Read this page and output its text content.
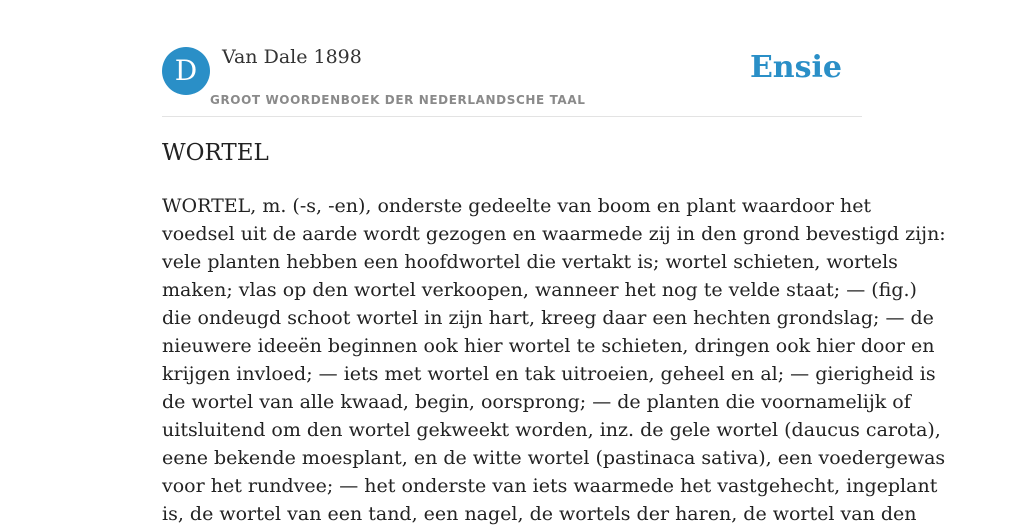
D	Van Dale 1898
GROOT WOORDENBOEK DER NEDERLANDSCHE TAAL
Ensie
WORTEL
WORTEL, m. (-s, -en), onderste gedeelte van boom en plant waardoor het
voedsel uit de aarde wordt gezogen en waarmede zij in den grond bevestigd zijn:
vele planten hebben een hoofdwortel die vertakt is; wortel schieten, wortels
maken; vlas op den wortel verkoopen, wanneer het nog te velde staat; — (fig.)
die ondeugd schoot wortel in zijn hart, kreeg daar een hechten grondslag; — de
nieuwere ideeën beginnen ook hier wortel te schieten, dringen ook hier door en
krijgen invloed; — iets met wortel en tak uitroeien, geheel en al; — gierigheid is
de wortel van alle kwaad, begin, oorsprong; — de planten die voornamelijk of
uitsluitend om den wortel gekweekt worden, inz. de gele wortel (daucus carota),
eene bekende moesplant, en de witte wortel (pastinaca sativa), een voedergewas
voor het rundvee; — het onderste van iets waarmede het vastgehecht, ingeplant
is, de wortel van een tand, een nagel, de wortels der haren, de wortel van den
